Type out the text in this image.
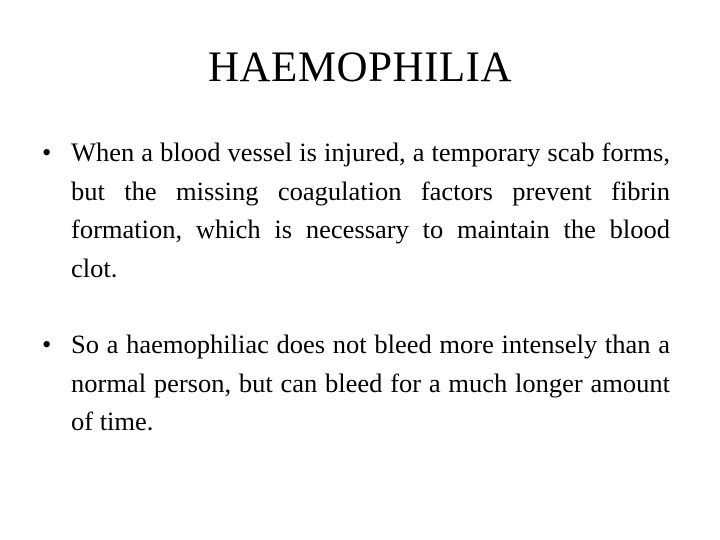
HAEMOPHILIA
• When a blood vessel is injured, a temporary scab forms, but the missing coagulation factors prevent fibrin formation, which is necessary to maintain the blood clot.
• So a haemophiliac does not bleed more intensely than a normal person, but can bleed for a much longer amount of time.
